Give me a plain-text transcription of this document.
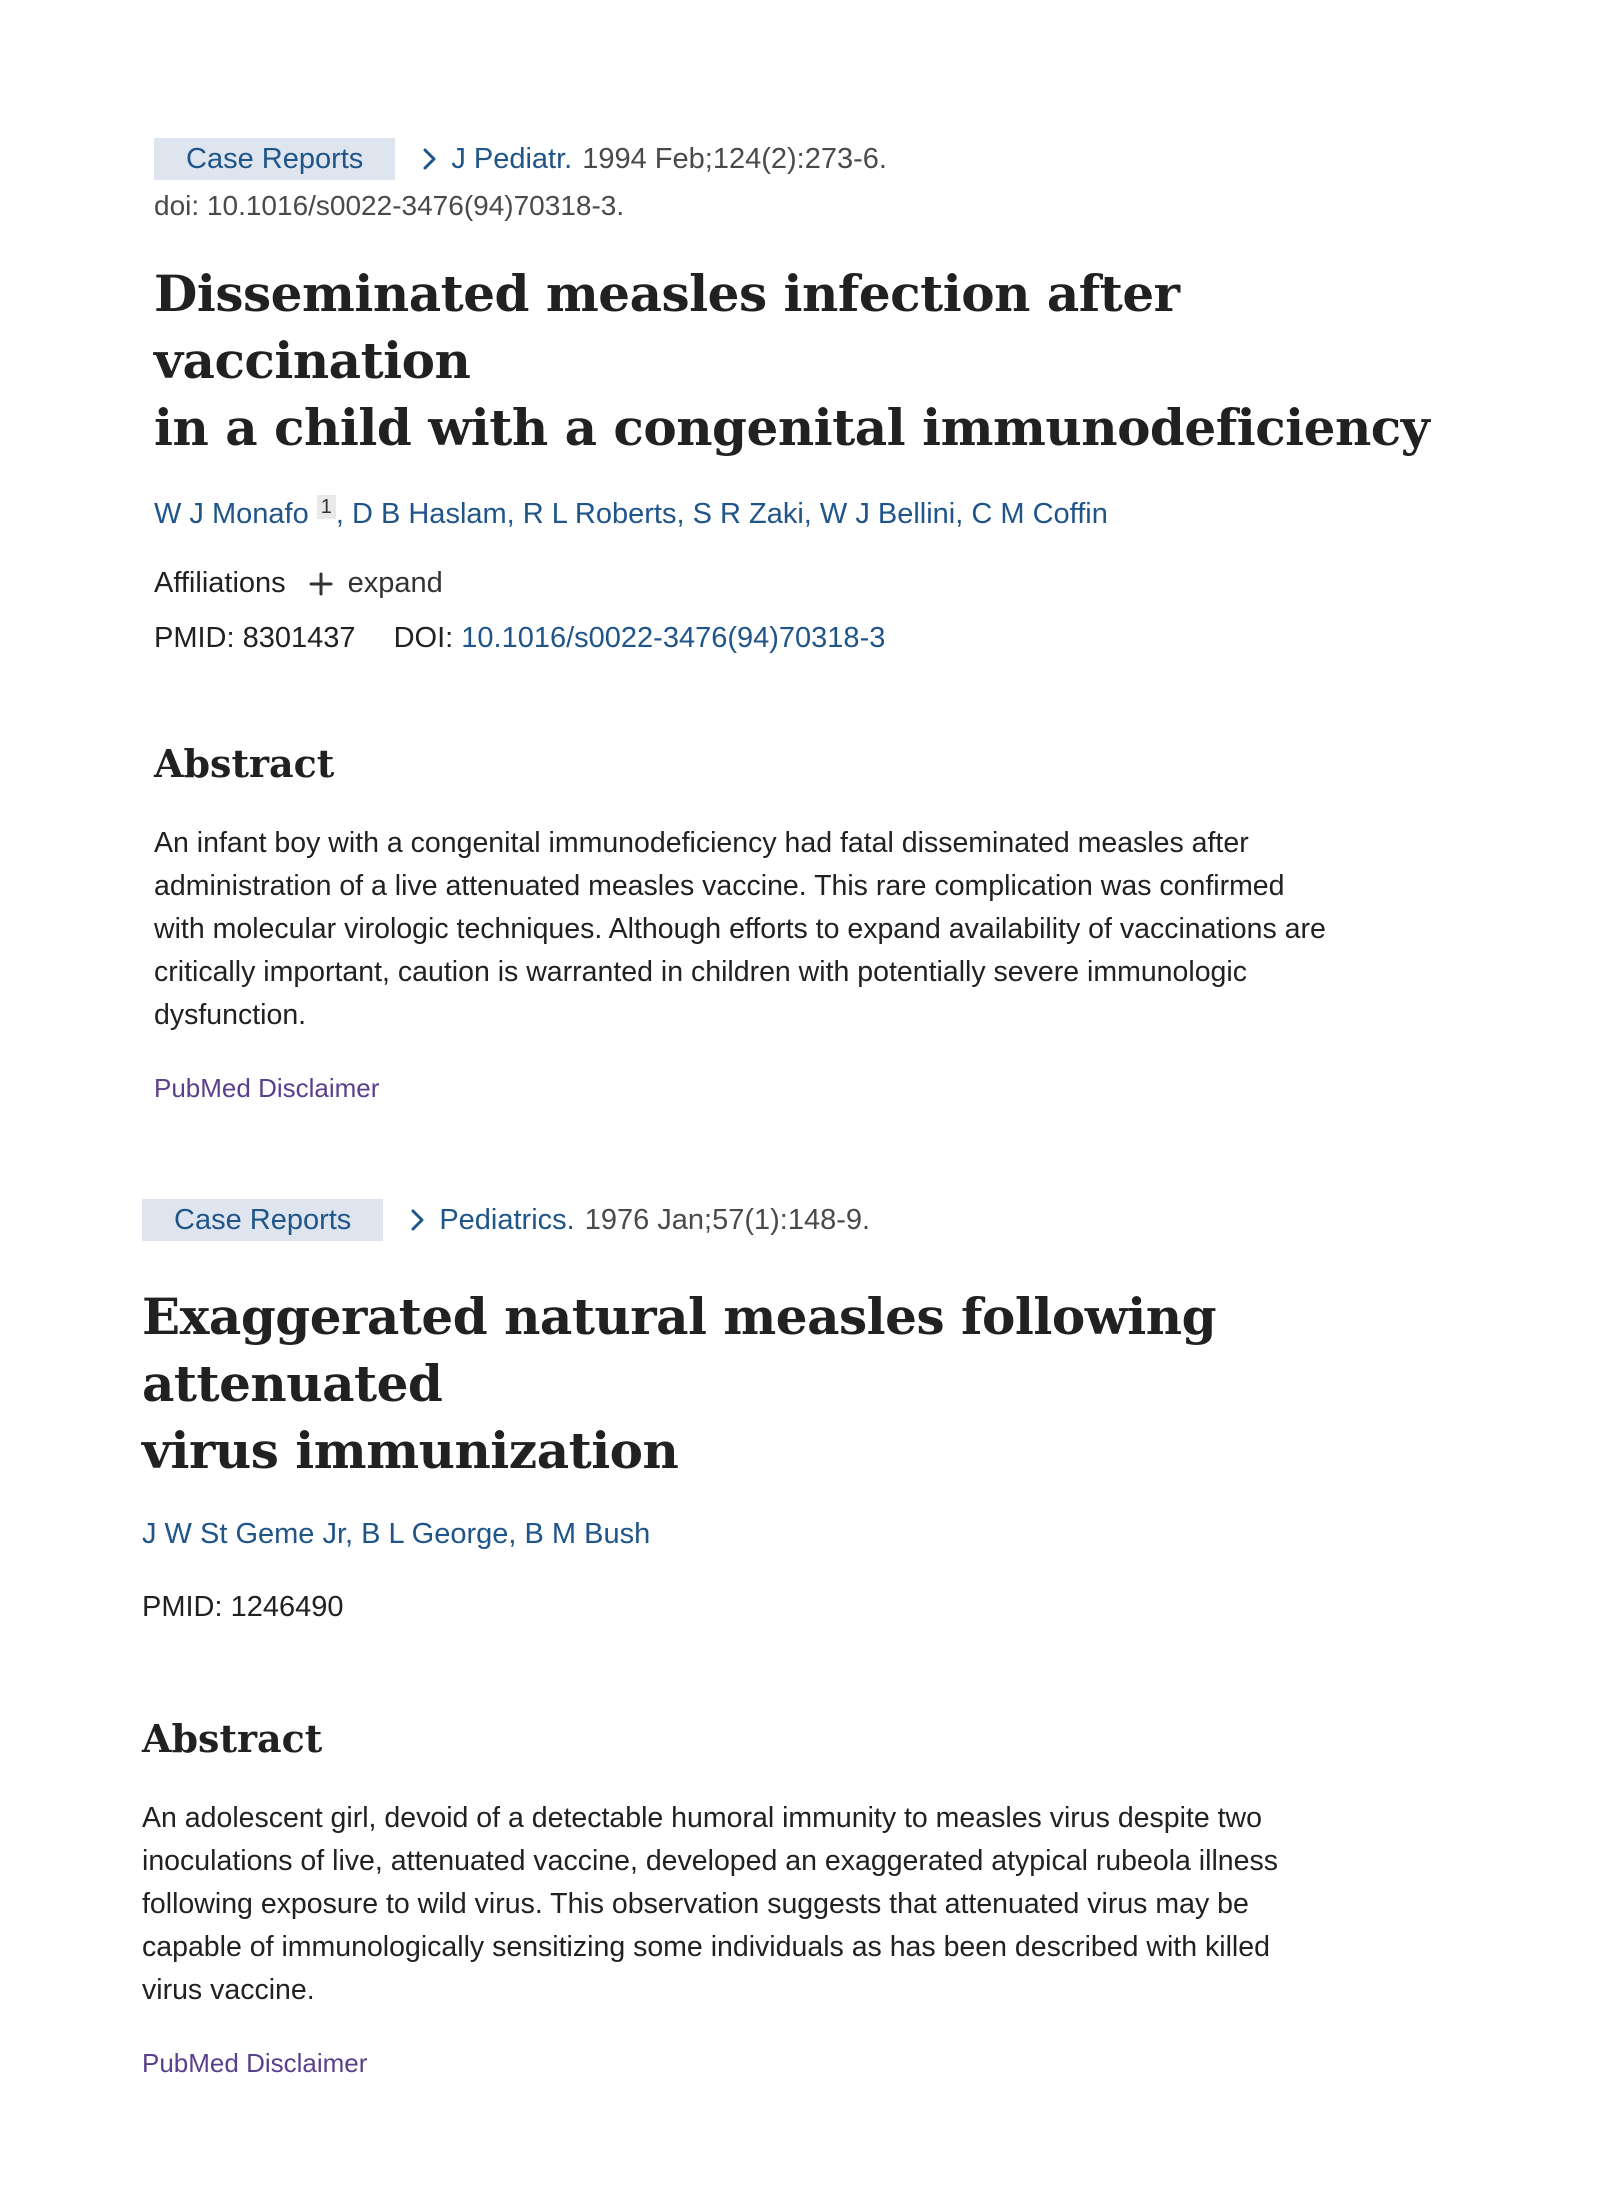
Case Reports	J Pediatr. 1994 Feb;124(2):273-6.
doi: 10.1016/s0022-3476(94)70318-3.
Disseminated measles infection after vaccination
in a child with a congenital immunodeficiency
W J Monafo 1 , D B Haslam, R L Roberts, S R Zaki, W J Bellini, C M Coffin
Affiliations expand
PMID: 8301437 DOI: 10.1016/s0022-3476(94)70318-3
Abstract
An infant boy with a congenital immunodeficiency had fatal disseminated measles after
administration of a live attenuated measles vaccine. This rare complication was confirmed
with molecular virologic techniques. Although efforts to expand availability of vaccinations are
critically important, caution is warranted in children with potentially severe immunologic
dysfunction.
PubMed Disclaimer
Case Reports	Pediatrics. 1976 Jan;57(1):148-9.
Exaggerated natural measles following attenuated
virus immunization
J W St Geme Jr, B L George, B M Bush
PMID: 1246490
Abstract
An adolescent girl, devoid of a detectable humoral immunity to measles virus despite two
inoculations of live, attenuated vaccine, developed an exaggerated atypical rubeola illness
following exposure to wild virus. This observation suggests that attenuated virus may be
capable of immunologically sensitizing some individuals as has been described with killed
virus vaccine.
PubMed Disclaimer
